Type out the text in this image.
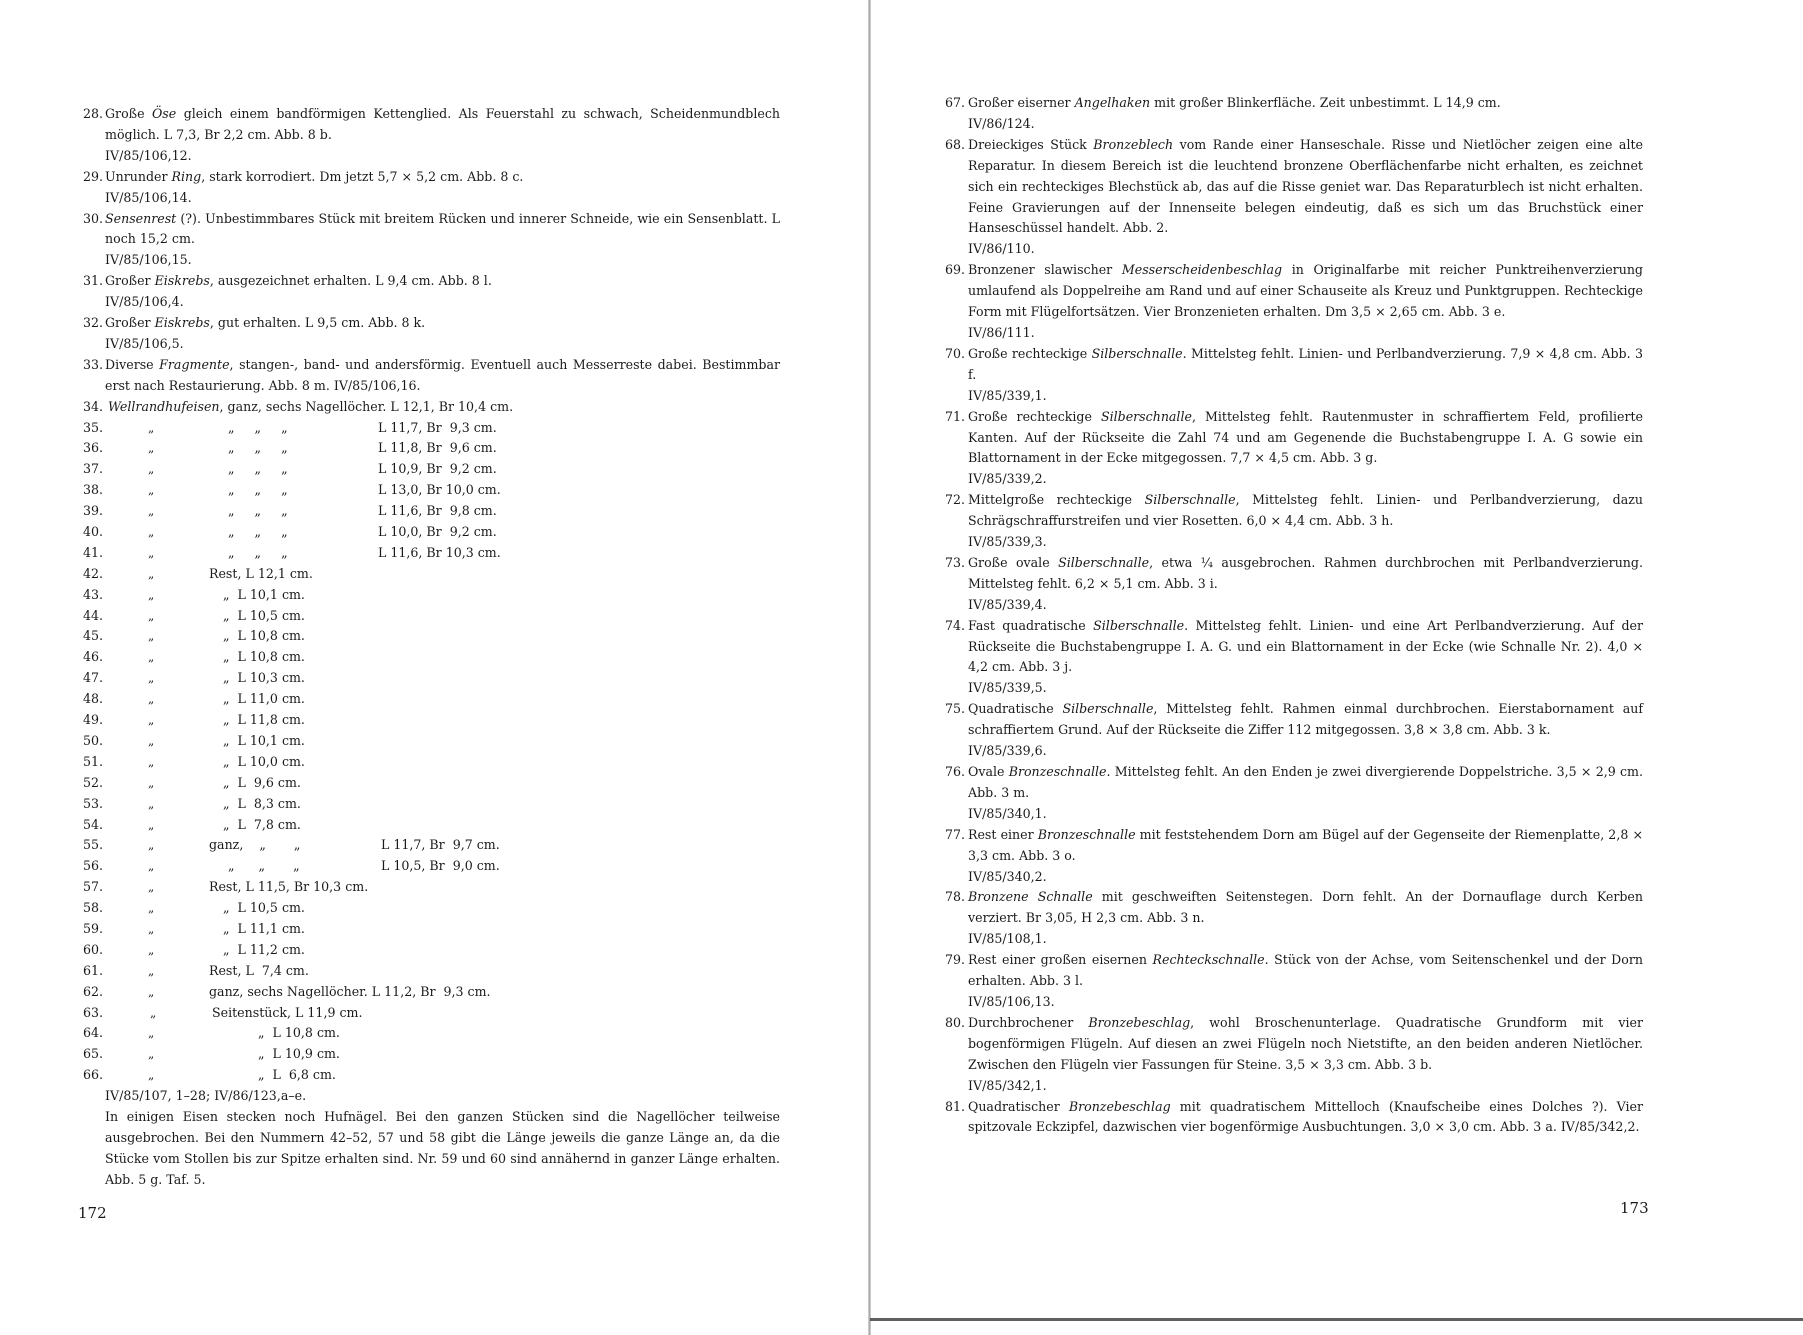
28. Große Öse gleich einem bandförmigen Kettenglied. Als Feuerstahl zu schwach, Scheidenmundblech möglich. L 7,3, Br 2,2 cm. Abb. 8 b.
IV/85/106,12.
29. Unrunder Ring, stark korrodiert. Dm jetzt 5,7 ⨯ 5,2 cm. Abb. 8 c.
IV/85/106,14.
30. Sensenrest (?). Unbestimmbares Stück mit breitem Rücken und innerer Schneide, wie ein Sensenblatt. L noch 15,2 cm.
IV/85/106,15.
31. Großer Eiskrebs, ausgezeichnet erhalten. L 9,4 cm. Abb. 8 l.
IV/85/106,4.
32. Großer Eiskrebs, gut erhalten. L 9,5 cm. Abb. 8 k.
IV/85/106,5.
33. Diverse Fragmente, stangen-, band- und andersförmig. Eventuell auch Messerreste dabei. Bestimmbar erst nach Restaurierung. Abb. 8 m. IV/85/106,16.
34. Wellrandhufeisen, ganz, sechs Nagellöcher. L 12,1, Br 10,4 cm.
35.	„	„     „     „	L 11,7, Br  9,3 cm.
36.	„	„     „     „	L 11,8, Br  9,6 cm.
37.	„	„     „     „	L 10,9, Br  9,2 cm.
38.	„	„     „     „	L 13,0, Br 10,0 cm.
39.	„	„     „     „	L 11,6, Br  9,8 cm.
40.	„	„     „     „	L 10,0, Br  9,2 cm.
41.	„	„     „     „	L 11,6, Br 10,3 cm.
42.	„	Rest, L 12,1 cm.
43.	„	„  L 10,1 cm.
44.	„	„  L 10,5 cm.
45.	„	„  L 10,8 cm.
46.	„	„  L 10,8 cm.
47.	„	„  L 10,3 cm.
48.	„	„  L 11,0 cm.
49.	„	„  L 11,8 cm.
50.	„	„  L 10,1 cm.
51.	„	„  L 10,0 cm.
52.	„	„  L  9,6 cm.
53.	„	„  L  8,3 cm.
54.	„	„  L  7,8 cm.
55.	„	ganz,    „       „	L 11,7, Br  9,7 cm.
56.	„	„      „       „	L 10,5, Br  9,0 cm.
57.	„	Rest, L 11,5, Br 10,3 cm.
58.	„	„  L 10,5 cm.
59.	„	„  L 11,1 cm.
60.	„	„  L 11,2 cm.
61.	„	Rest, L  7,4 cm.
62.	„	ganz, sechs Nagellöcher. L 11,2, Br  9,3 cm.
63.	„	Seitenstück, L 11,9 cm.
64.	„	„  L 10,8 cm.
65.	„	„  L 10,9 cm.
66.	„	„  L  6,8 cm.
IV/85/107, 1–28; IV/86/123,a–e.
In einigen Eisen stecken noch Hufnägel. Bei den ganzen Stücken sind die Nagellöcher teilweise ausgebrochen. Bei den Nummern 42–52, 57 und 58 gibt die Länge jeweils die ganze Länge an, da die Stücke vom Stollen bis zur Spitze erhalten sind. Nr. 59 und 60 sind annähernd in ganzer Länge erhalten. Abb. 5 g. Taf. 5.
172
67. Großer eiserner Angelhaken mit großer Blinkerfläche. Zeit unbestimmt. L 14,9 cm.
IV/86/124.
68. Dreieckiges Stück Bronzeblech vom Rande einer Hanseschale. Risse und Nietlöcher zeigen eine alte Reparatur. In diesem Bereich ist die leuchtend bronzene Oberflächenfarbe nicht erhalten, es zeichnet sich ein rechteckiges Blechstück ab, das auf die Risse geniet war. Das Reparaturblech ist nicht erhalten. Feine Gravierungen auf der Innenseite belegen eindeutig, daß es sich um das Bruchstück einer Hanseschüssel handelt. Abb. 2.
IV/86/110.
69. Bronzener slawischer Messerscheidenbeschlag in Originalfarbe mit reicher Punktreihenverzierung umlaufend als Doppelreihe am Rand und auf einer Schauseite als Kreuz und Punktgruppen. Rechteckige Form mit Flügelfortsätzen. Vier Bronzenieten erhalten. Dm 3,5 ⨯ 2,65 cm. Abb. 3 e.
IV/86/111.
70. Große rechteckige Silberschnalle. Mittelsteg fehlt. Linien- und Perlbandverzierung. 7,9 ⨯ 4,8 cm. Abb. 3 f.
IV/85/339,1.
71. Große rechteckige Silberschnalle, Mittelsteg fehlt. Rautenmuster in schraffiertem Feld, profilierte Kanten. Auf der Rückseite die Zahl 74 und am Gegenende die Buchstabengruppe I. A. G sowie ein Blattornament in der Ecke mitgegossen. 7,7 ⨯ 4,5 cm. Abb. 3 g.
IV/85/339,2.
72. Mittelgroße rechteckige Silberschnalle, Mittelsteg fehlt. Linien- und Perlbandverzierung, dazu Schrägschraffurstreifen und vier Rosetten. 6,0 ⨯ 4,4 cm. Abb. 3 h.
IV/85/339,3.
73. Große ovale Silberschnalle, etwa ¼ ausgebrochen. Rahmen durchbrochen mit Perlbandverzierung. Mittelsteg fehlt. 6,2 ⨯ 5,1 cm. Abb. 3 i.
IV/85/339,4.
74. Fast quadratische Silberschnalle. Mittelsteg fehlt. Linien- und eine Art Perlbandverzierung. Auf der Rückseite die Buchstabengruppe I. A. G. und ein Blattornament in der Ecke (wie Schnalle Nr. 2). 4,0 ⨯ 4,2 cm. Abb. 3 j.
IV/85/339,5.
75. Quadratische Silberschnalle, Mittelsteg fehlt. Rahmen einmal durchbrochen. Eierstabornament auf schraffiertem Grund. Auf der Rückseite die Ziffer 112 mitgegossen. 3,8 ⨯ 3,8 cm. Abb. 3 k.
IV/85/339,6.
76. Ovale Bronzeschnalle. Mittelsteg fehlt. An den Enden je zwei divergierende Doppelstriche. 3,5 ⨯ 2,9 cm. Abb. 3 m.
IV/85/340,1.
77. Rest einer Bronzeschnalle mit feststehendem Dorn am Bügel auf der Gegenseite der Riemenplatte, 2,8 ⨯ 3,3 cm. Abb. 3 o.
IV/85/340,2.
78. Bronzene Schnalle mit geschweiften Seitenstegen. Dorn fehlt. An der Dornauflage durch Kerben verziert. Br 3,05, H 2,3 cm. Abb. 3 n.
IV/85/108,1.
79. Rest einer großen eisernen Rechteckschnalle. Stück von der Achse, vom Seitenschenkel und der Dorn erhalten. Abb. 3 l.
IV/85/106,13.
80. Durchbrochener Bronzebeschlag, wohl Broschenunterlage. Quadratische Grundform mit vier bogenförmigen Flügeln. Auf diesen an zwei Flügeln noch Nietstifte, an den beiden anderen Nietlöcher. Zwischen den Flügeln vier Fassungen für Steine. 3,5 ⨯ 3,3 cm. Abb. 3 b.
IV/85/342,1.
81. Quadratischer Bronzebeschlag mit quadratischem Mittelloch (Knaufscheibe eines Dolches ?). Vier spitzovale Eckzipfel, dazwischen vier bogenförmige Ausbuchtungen. 3,0 ⨯ 3,0 cm. Abb. 3 a. IV/85/342,2.
173
